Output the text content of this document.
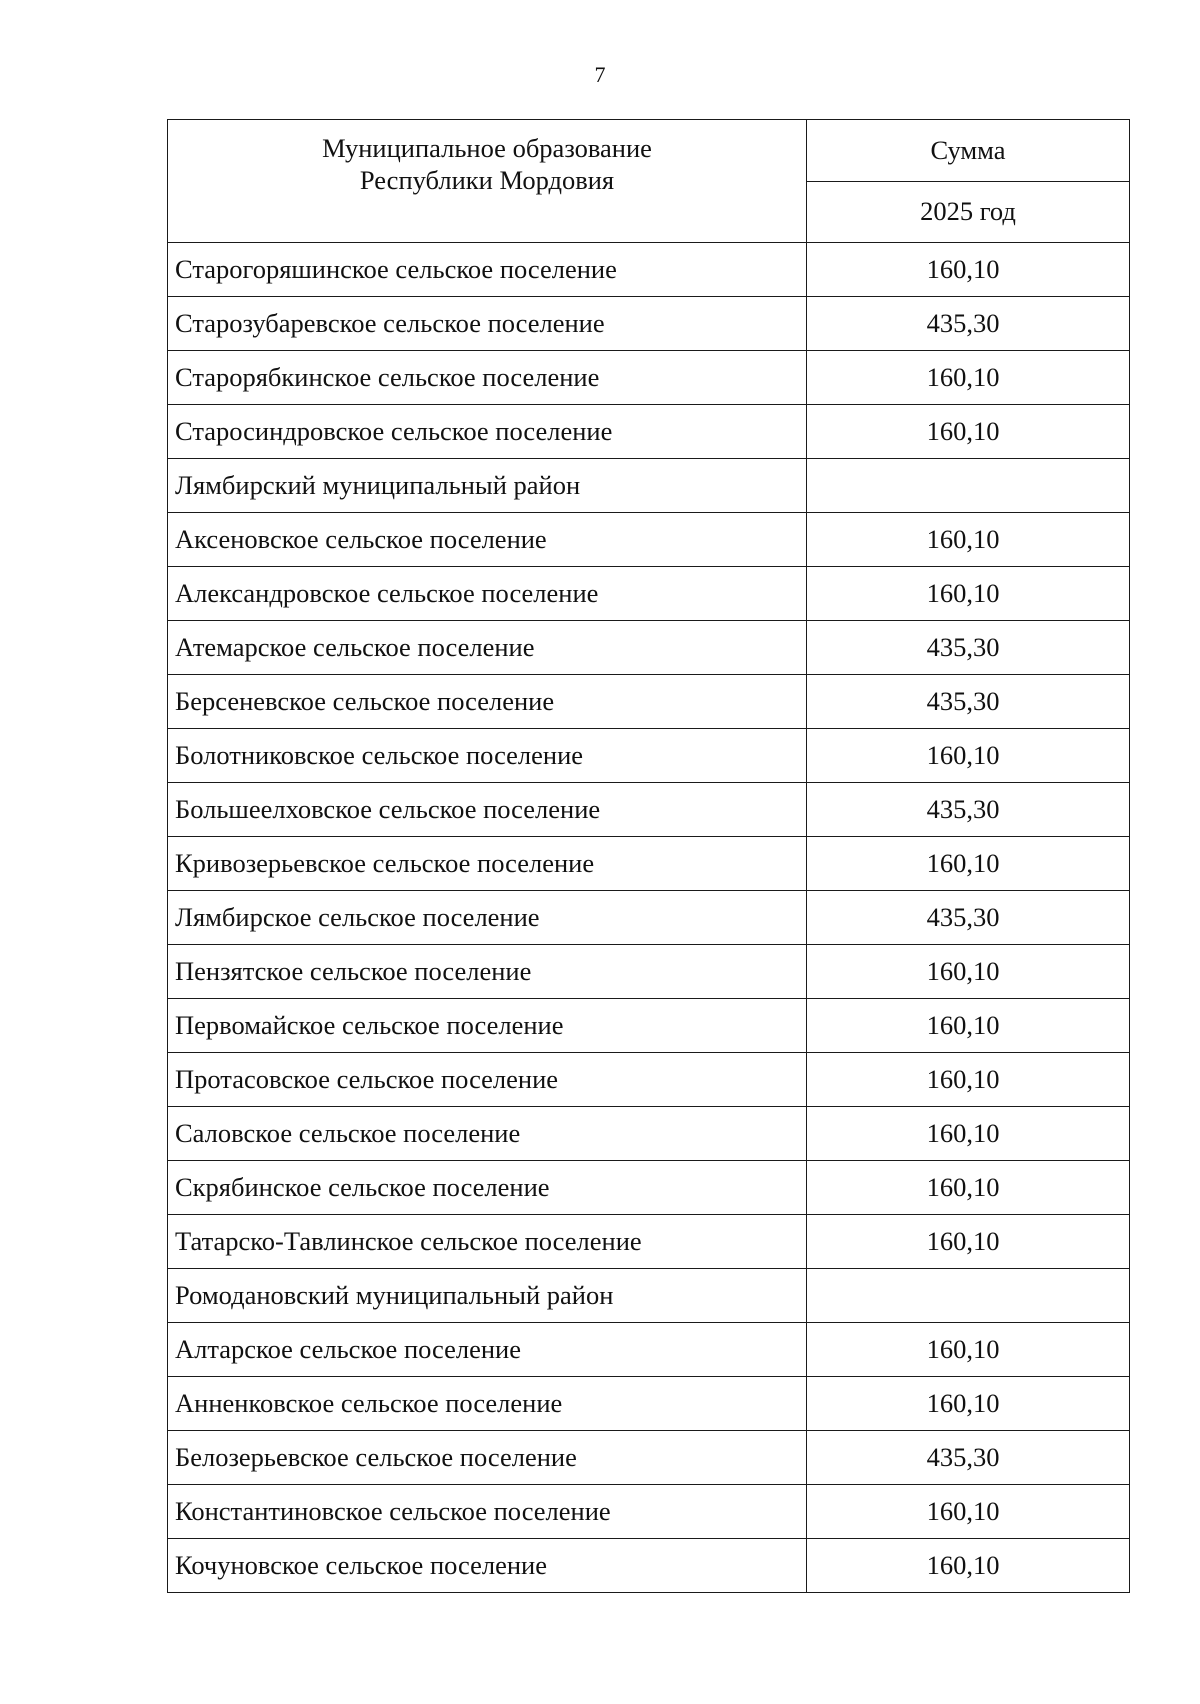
7
Муниципальное образование
Республики Мордовия	Сумма
	2025 год
Старогоряшинское сельское поселение	160,10
Старозубаревское сельское поселение	435,30
Старорябкинское сельское поселение	160,10
Старосиндровское сельское поселение	160,10
Лямбирский муниципальный район	
Аксеновское сельское поселение	160,10
Александровское сельское поселение	160,10
Атемарское сельское поселение	435,30
Берсеневское сельское поселение	435,30
Болотниковское сельское поселение	160,10
Большеелховское сельское поселение	435,30
Кривозерьевское сельское поселение	160,10
Лямбирское сельское поселение	435,30
Пензятское сельское поселение	160,10
Первомайское сельское поселение	160,10
Протасовское сельское поселение	160,10
Саловское сельское поселение	160,10
Скрябинское сельское поселение	160,10
Татарско-Тавлинское сельское поселение	160,10
Ромодановский муниципальный район	
Алтарское сельское поселение	160,10
Анненковское сельское поселение	160,10
Белозерьевское сельское поселение	435,30
Константиновское сельское поселение	160,10
Кочуновское сельское поселение	160,10
